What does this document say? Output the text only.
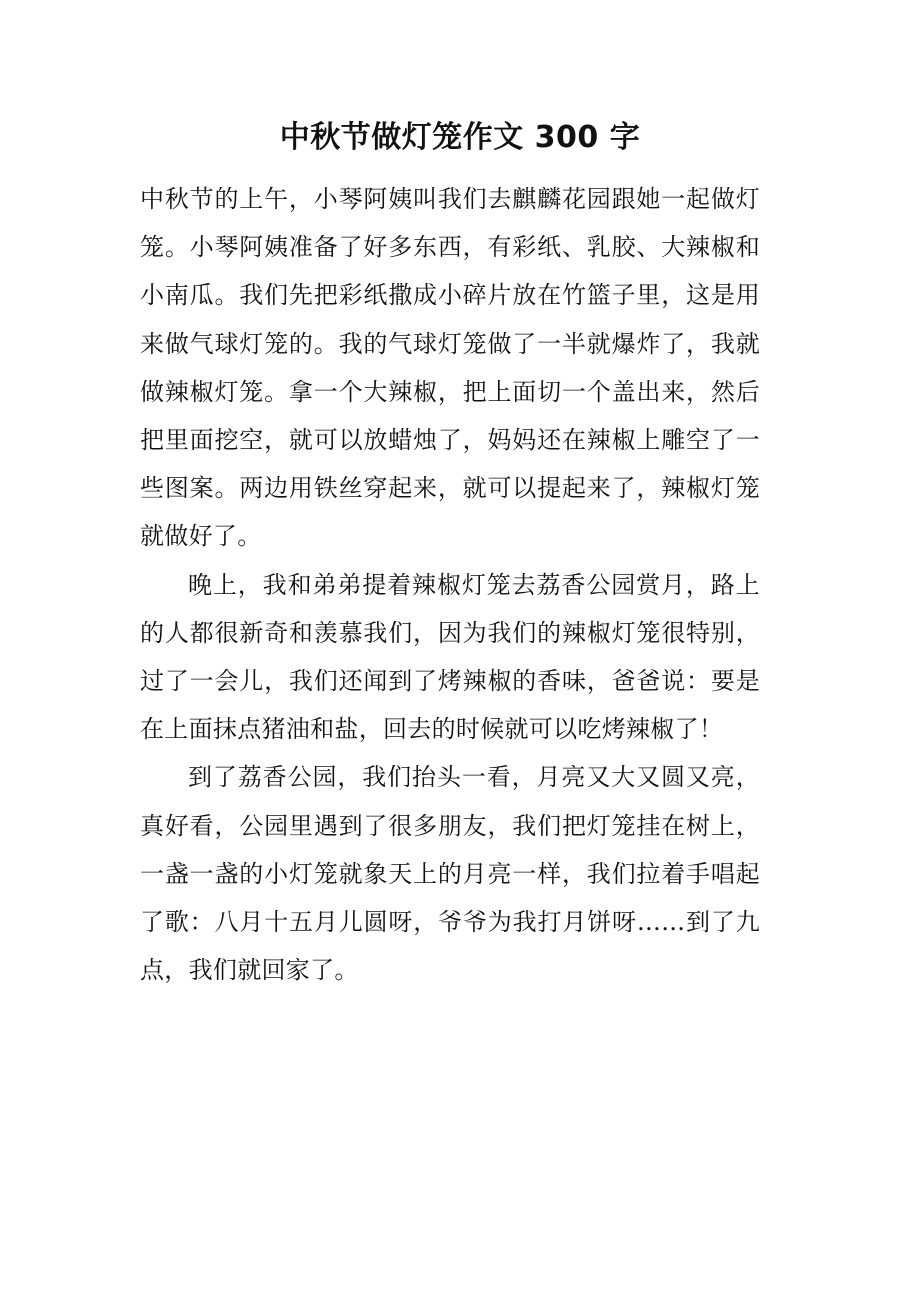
中秋节做灯笼作文 300 字

中秋节的上午，小琴阿姨叫我们去麒麟花园跟她一起做灯笼。小琴阿姨准备了好多东西，有彩纸、乳胶、大辣椒和小南瓜。我们先把彩纸撒成小碎片放在竹篮子里，这是用来做气球灯笼的。我的气球灯笼做了一半就爆炸了，我就做辣椒灯笼。拿一个大辣椒，把上面切一个盖出来，然后把里面挖空，就可以放蜡烛了，妈妈还在辣椒上雕空了一些图案。两边用铁丝穿起来，就可以提起来了，辣椒灯笼就做好了。

晚上，我和弟弟提着辣椒灯笼去荔香公园赏月，路上的人都很新奇和羡慕我们，因为我们的辣椒灯笼很特别，过了一会儿，我们还闻到了烤辣椒的香味，爸爸说：要是在上面抹点猪油和盐，回去的时候就可以吃烤辣椒了！

到了荔香公园，我们抬头一看，月亮又大又圆又亮，真好看，公园里遇到了很多朋友，我们把灯笼挂在树上，一盏一盏的小灯笼就象天上的月亮一样，我们拉着手唱起了歌：八月十五月儿圆呀，爷爷为我打月饼呀……到了九点，我们就回家了。
